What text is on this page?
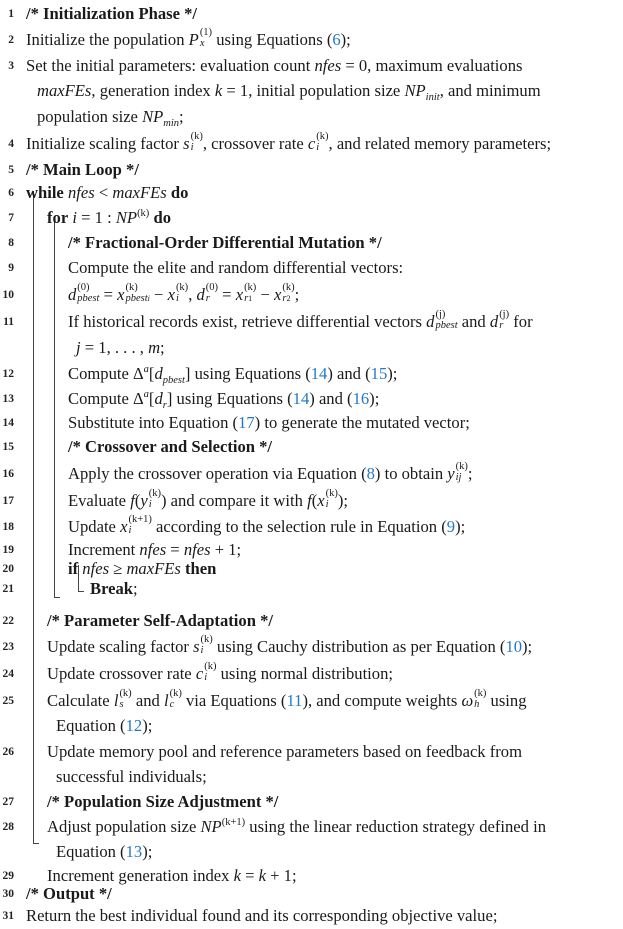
1 /* Initialization Phase */
2 Initialize the population P (1)
x using Equations (6);
3 Set the initial parameters: evaluation count nfes = 0, maximum evaluations
maxFEs, generation index k = 1, initial population size $NP_{init}$, and minimum
population size $NP_{min}$;
4 Initialize scaling factor s (k)
i , crossover rate c (k)
i , and related memory parameters;
5 /* Main Loop */
6 while nfes < maxFEs do
7 for i = 1 : NP$^{(k)}$ do
8	/* Fractional-Order Differential Mutation */
9	Compute the elite and random differential vectors:
10	d (0)
pbest = x (k)
pbesti − x (k)
i , d (0)
r = x (k)
r1 − x (k)
r2 ;
11	If historical records exist, retrieve differential vectors d (j)
pbest and d (j)
r for
j = 1, . . . , m;
12	Compute $\Delta^a[d_{pbest}]$ using Equations (14) and (15);
13	Compute $\Delta^a[d_r]$ using Equations (14) and (16);
14	Substitute into Equation (17) to generate the mutated vector;
15	/* Crossover and Selection */
16	Apply the crossover operation via Equation (8) to obtain y (k)
ij ;
17	Evaluate f(y (k)
i ) and compare it with f(x (k)
i );
18	Update x (k+1)
i	according to the selection rule in Equation (9);
19	Increment nfes = nfes + 1;
20	if nfes ≥ maxFEs then
21	Break;
22 /* Parameter Self-Adaptation */
23 Update scaling factor s (k)
i using Cauchy distribution as per Equation (10);
24 Update crossover rate c (k)
i using normal distribution;
25 Calculate l (k)
s and l (k)
c via Equations (11), and compute weights ω (k)
h using
Equation (12);
26 Update memory pool and reference parameters based on feedback from
successful individuals;
27 /* Population Size Adjustment */
28 Adjust population size $NP^{(k+1)}$ using the linear reduction strategy defined in
Equation (13);
29 Increment generation index k = k + 1;
30 /* Output */
31 Return the best individual found and its corresponding objective value;
